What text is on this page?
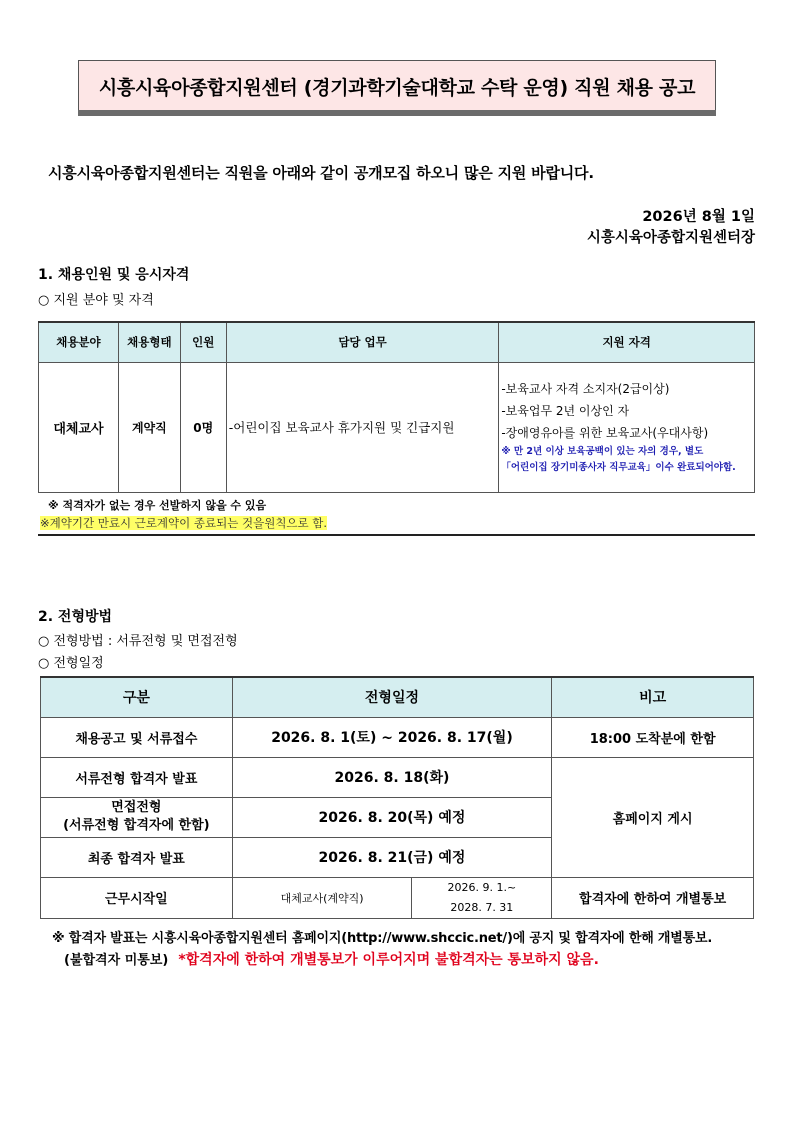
시흥시육아종합지원센터 (경기과학기술대학교 수탁 운영) 직원 채용 공고
시흥시육아종합지원센터는 직원을 아래와 같이 공개모집 하오니 많은 지원 바랍니다.
2026년 8월 1일
시흥시육아종합지원센터장
1. 채용인원 및 응시자격
○ 지원 분야 및 자격
채용분야	채용형태	인원	담당 업무	지원 자격
대체교사	계약직	0명	-어린이집 보육교사 휴가지원 및 긴급지원	-보육교사 자격 소지자(2급이상)
-보육업무 2년 이상인 자
-장애영유아를 위한 보육교사(우대사항)
※ 만 2년 이상 보육공백이 있는 자의 경우, 별도
「어린이집 장기미종사자 직무교육」이수 완료되어야함.
※ 적격자가 없는 경우 선발하지 않을 수 있음
※계약기간 만료시 근로계약이 종료되는 것을원칙으로 함.
2. 전형방법
○ 전형방법 : 서류전형 및 면접전형
○ 전형일정
구분	전형일정		비고
채용공고 및 서류접수	2026. 8. 1(토) ~ 2026. 8. 17(월)		18:00 도착분에 한함
서류전형 합격자 발표	2026. 8. 18(화)		홈페이지 게시

면접전형
(서류전형 합격자에 한함)	2026. 8. 20(목) 예정		
최종 합격자 발표	2026. 8. 21(금) 예정		
근무시작일	대체교사(계약직)	2026. 9. 1.~
2028. 7. 31	합격자에 한하여 개별통보
※ 합격자 발표는 시흥시육아종합지원센터 홈페이지(http://www.shccic.net/)에 공지 및 합격자에 한해 개별통보.
(불합격자 미통보) *합격자에 한하여 개별통보가 이루어지며 불합격자는 통보하지 않음.
